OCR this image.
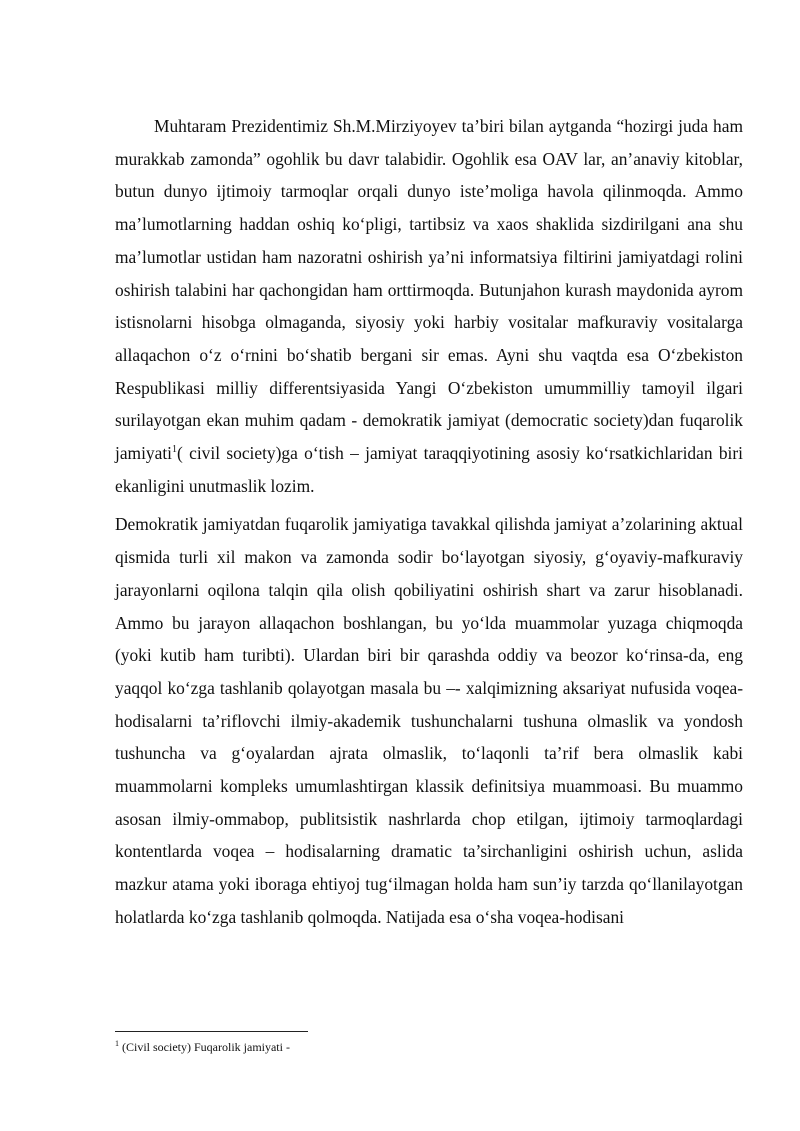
Muhtaram Prezidentimiz Sh.M.Mirziyoyev ta’biri bilan aytganda “hozirgi juda ham murakkab zamonda” ogohlik bu davr talabidir. Ogohlik esa OAV lar, an’anaviy kitoblar, butun dunyo ijtimoiy tarmoqlar orqali dunyo iste’moliga havola qilinmoqda. Ammo ma’lumotlarning haddan oshiq ko‘pligi, tartibsiz va xaos shaklida sizdirilgani ana shu ma’lumotlar ustidan ham nazoratni oshirish ya’ni informatsiya filtirini jamiyatdagi rolini oshirish talabini har qachongidan ham orttirmoqda. Butunjahon kurash maydonida ayrom istisnolarni hisobga olmaganda, siyosiy yoki harbiy vositalar mafkuraviy vositalarga allaqachon o‘z o‘rnini bo‘shatib bergani sir emas. Ayni shu vaqtda esa O‘zbekiston Respublikasi milliy differentsiyasida Yangi O‘zbekiston umummilliy tamoyil ilgari surilayotgan ekan muhim qadam - demokratik jamiyat (democratic society)dan fuqarolik jamiyati$^1$( civil society)ga o‘tish – jamiyat taraqqiyotining asosiy ko‘rsatkichlaridan biri ekanligini unutmaslik lozim.

Demokratik jamiyatdan fuqarolik jamiyatiga tavakkal qilishda jamiyat a’zolarining aktual qismida turli xil makon va zamonda sodir bo‘layotgan siyosiy, g‘oyaviy-mafkuraviy jarayonlarni oqilona talqin qila olish qobiliyatini oshirish shart va zarur hisoblanadi. Ammo bu jarayon allaqachon boshlangan, bu yo‘lda muammolar yuzaga chiqmoqda (yoki kutib ham turibti). Ulardan biri bir qarashda oddiy va beozor ko‘rinsa-da, eng yaqqol ko‘zga tashlanib qolayotgan masala bu –- xalqimizning aksariyat nufusida voqea-hodisalarni ta’riflovchi ilmiy-akademik tushunchalarni tushuna olmaslik va yondosh tushuncha va g‘oyalardan ajrata olmaslik, to‘laqonli ta’rif bera olmaslik kabi muammolarni kompleks umumlashtirgan klassik definitsiya muammoasi. Bu muammo asosan ilmiy-ommabop, publitsistik nashrlarda chop etilgan, ijtimoiy tarmoqlardagi kontentlarda voqea – hodisalarning dramatic ta’sirchanligini oshirish uchun, aslida mazkur atama yoki iboraga ehtiyoj tug‘ilmagan holda ham sun’iy tarzda qo‘llanilayotgan holatlarda ko‘zga tashlanib qolmoqda. Natijada esa o‘sha voqea-hodisani

$^1$ (Civil society) Fuqarolik jamiyati -
